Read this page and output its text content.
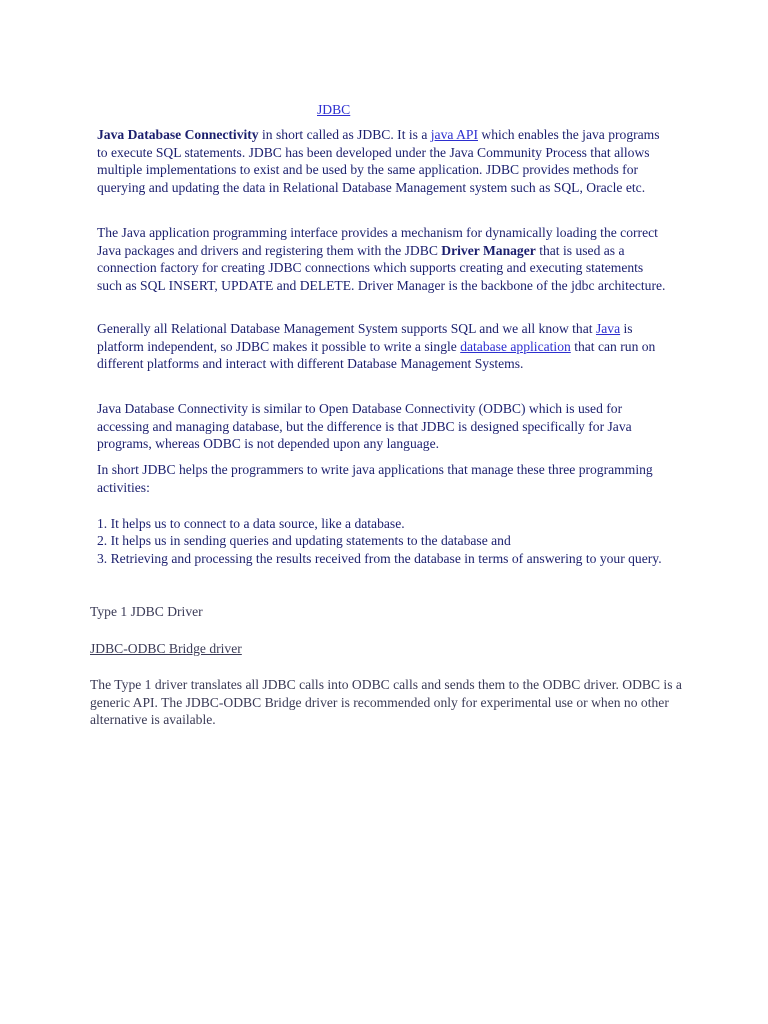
JDBC

Java Database Connectivity in short called as JDBC. It is a java API which enables the java programs to execute SQL statements. JDBC has been developed under the Java Community Process that allows multiple implementations to exist and be used by the same application. JDBC provides methods for querying and updating the data in Relational Database Management system such as SQL, Oracle etc.

The Java application programming interface provides a mechanism for dynamically loading the correct Java packages and drivers and registering them with the JDBC Driver Manager that is used as a connection factory for creating JDBC connections which supports creating and executing statements such as SQL INSERT, UPDATE and DELETE. Driver Manager is the backbone of the jdbc architecture.

Generally all Relational Database Management System supports SQL and we all know that Java is platform independent, so JDBC makes it possible to write a single database application that can run on different platforms and interact with different Database Management Systems.

Java Database Connectivity is similar to Open Database Connectivity (ODBC) which is used for accessing and managing database, but the difference is that JDBC is designed specifically for Java programs, whereas ODBC is not depended upon any language.

In short JDBC helps the programmers to write java applications that manage these three programming activities:

1. It helps us to connect to a data source, like a database.

2. It helps us in sending queries and updating statements to the database and

3. Retrieving and processing the results received from the database in terms of answering to your query.

Type 1 JDBC Driver

JDBC-ODBC Bridge driver

The Type 1 driver translates all JDBC calls into ODBC calls and sends them to the ODBC driver. ODBC is a generic API. The JDBC-ODBC Bridge driver is recommended only for experimental use or when no other alternative is available.
